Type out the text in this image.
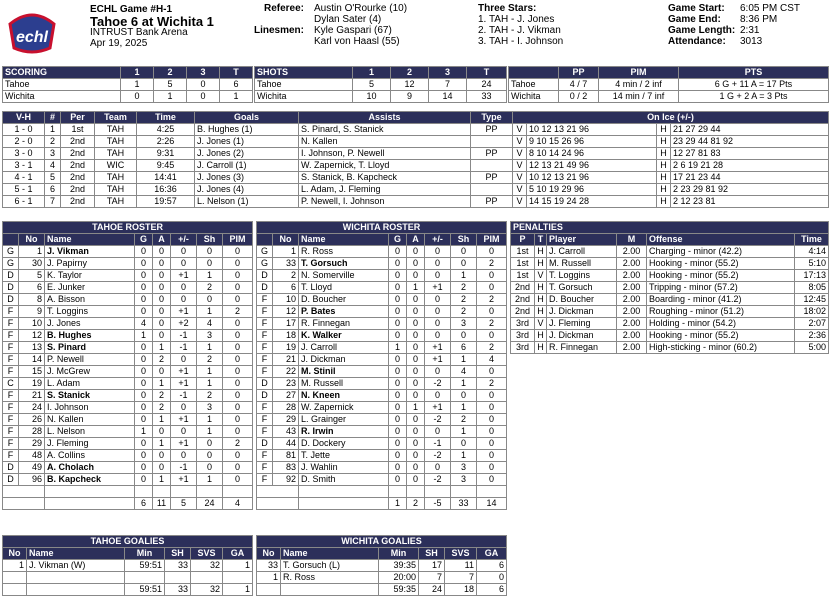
echl
ECHL Game #H-1
Tahoe 6 at Wichita 1
INTRUST Bank Arena
Apr 19, 2025
Referee: Austin O'Rourke (10)
Dylan Sater (4)
Linesmen: Kyle Gaspari (67)
Karl von Haasl (55)
Three Stars:
1. TAH - J. Jones
2. TAH - J. Vikman
3. TAH - I. Johnson
Game Start: 6:05 PM CST
Game End: 8:36 PM
Game Length: 2:31
Attendance: 3013
SCORING	1	2	3	T
Tahoe	1	5	0	6
Wichita	0	1	0	1
SHOTS	1	2	3	T
Tahoe	5	12	7	24
Wichita	10	9	14	33
	PP	PIM	PTS
Tahoe	4 / 7	4 min / 2 inf	6 G + 11 A = 17 Pts
Wichita	0 / 2	14 min / 7 inf	1 G + 2 A = 3 Pts
V-H	#	Per	Team	Time	Goals	Assists	Type	On Ice (+/-)			
1 - 0	1	1st	TAH	4:25	B. Hughes (1)	S. Pinard, S. Stanick	PP	V	10 12 13 21 96	H	21 27 29 44
2 - 0	2	2nd	TAH	2:26	J. Jones (1)	N. Kallen		V	9 10 15 26 96	H	23 29 44 81 92
3 - 0	3	2nd	TAH	9:31	J. Jones (2)	I. Johnson, P. Newell	PP	V	8 10 14 24 96	H	12 27 81 83
3 - 1	4	2nd	WIC	9:45	J. Carroll (1)	W. Zapernick, T. Lloyd		V	12 13 21 49 96	H	2 6 19 21 28
4 - 1	5	2nd	TAH	14:41	J. Jones (3)	S. Stanick, B. Kapcheck	PP	V	10 12 13 21 96	H	17 21 23 44
5 - 1	6	2nd	TAH	16:36	J. Jones (4)	L. Adam, J. Fleming		V	5 10 19 29 96	H	2 23 29 81 92
6 - 1	7	2nd	TAH	19:57	L. Nelson (1)	P. Newell, I. Johnson	PP	V	14 15 19 24 28	H	2 12 23 81
TAHOE ROSTER							
	No	Name	G	A	+/-	Sh	PIM
G	1	J. Vikman	0	0	0	0	0
G	30	J. Papirny	0	0	0	0	0
D	5	K. Taylor	0	0	+1	1	0
D	6	E. Junker	0	0	0	2	0
D	8	A. Bisson	0	0	0	0	0
F	9	T. Loggins	0	0	+1	1	2
F	10	J. Jones	4	0	+2	4	0
F	12	B. Hughes	1	0	-1	3	0
F	13	S. Pinard	0	1	-1	1	0
F	14	P. Newell	0	2	0	2	0
F	15	J. McGrew	0	0	+1	1	0
C	19	L. Adam	0	1	+1	1	0
F	21	S. Stanick	0	2	-1	2	0
F	24	I. Johnson	0	2	0	3	0
F	26	N. Kallen	0	1	+1	1	0
F	28	L. Nelson	1	0	0	1	0
F	29	J. Fleming	0	1	+1	0	2
F	48	A. Collins	0	0	0	0	0
D	49	A. Cholach	0	0	-1	0	0
D	96	B. Kapcheck	0	1	+1	1	0

			6	11	5	24	4
WICHITA ROSTER							
	No	Name	G	A	+/-	Sh	PIM
G	1	R. Ross	0	0	0	0	0
G	33	T. Gorsuch	0	0	0	0	2
D	2	N. Somerville	0	0	0	1	0
D	6	T. Lloyd	0	1	+1	2	0
F	10	D. Boucher	0	0	0	2	2
F	12	P. Bates	0	0	0	2	0
F	17	R. Finnegan	0	0	0	3	2
F	18	K. Walker	0	0	0	0	0
F	19	J. Carroll	1	0	+1	6	2
F	21	J. Dickman	0	0	+1	1	4
F	22	M. Stinil	0	0	0	4	0
D	23	M. Russell	0	0	-2	1	2
D	27	N. Kneen	0	0	0	0	0
F	28	W. Zapernick	0	1	+1	1	0
F	29	L. Grainger	0	0	-2	2	0
F	43	R. Irwin	0	0	0	1	0
D	44	D. Dockery	0	0	-1	0	0
F	81	T. Jette	0	0	-2	1	0
F	83	J. Wahlin	0	0	0	3	0
F	92	D. Smith	0	0	-2	3	0

			1	2	-5	33	14
PENALTIES					
P	T	Player	M	Offense	Time
1st	H	J. Carroll	2.00	Charging - minor (42.2)	4:14
1st	H	M. Russell	2.00	Hooking - minor (55.2)	5:10
1st	V	T. Loggins	2.00	Hooking - minor (55.2)	17:13
2nd	H	T. Gorsuch	2.00	Tripping - minor (57.2)	8:05
2nd	H	D. Boucher	2.00	Boarding - minor (41.2)	12:45
2nd	H	J. Dickman	2.00	Roughing - minor (51.2)	18:02
3rd	V	J. Fleming	2.00	Holding - minor (54.2)	2:07
3rd	H	J. Dickman	2.00	Hooking - minor (55.2)	2:36
3rd	H	R. Finnegan	2.00	High-sticking - minor (60.2)	5:00
TAHOE GOALIES					
No	Name	Min	SH	SVS	GA
1	J. Vikman (W)	59:51	33	32	1

		59:51	33	32	1
WICHITA GOALIES					
No	Name	Min	SH	SVS	GA
33	T. Gorsuch (L)	39:35	17	11	6
1	R. Ross	20:00	7	7	0
		59:35	24	18	6
